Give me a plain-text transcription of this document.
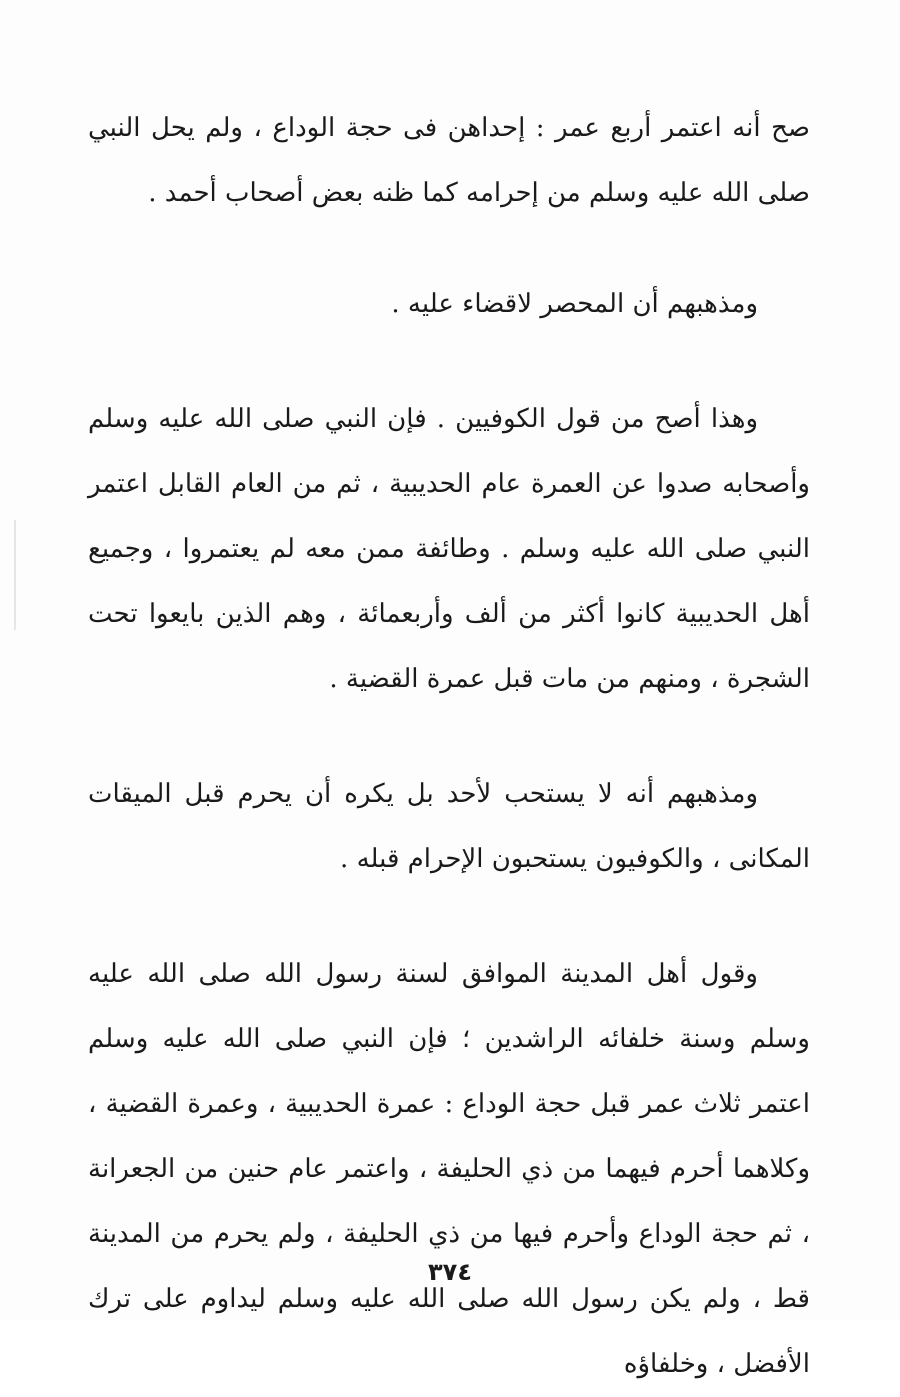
صح أنه اعتمر أربع عمر : إحداهن فى حجة الوداع ، ولم يحل النبي صلى الله عليه وسلم من إحرامه كما ظنه بعض أصحاب أحمد .

ومذهبهم أن المحصر لاقضاء عليه .

وهذا أصح من قول الكوفيين . فإن النبي صلى الله عليه وسلم وأصحابه صدوا عن العمرة عام الحديبية ، ثم من العام القابل اعتمر النبي صلى الله عليه وسلم . وطائفة ممن معه لم يعتمروا ، وجميع أهل الحديبية كانوا أكثر من ألف وأربعمائة ، وهم الذين بايعوا تحت الشجرة ، ومنهم من مات قبل عمرة القضية .

ومذهبهم أنه لا يستحب لأحد بل يكره أن يحرم قبل الميقات المكانى ، والكوفيون يستحبون الإحرام قبله .

وقول أهل المدينة الموافق لسنة رسول الله صلى الله عليه وسلم وسنة خلفائه الراشدين ؛ فإن النبي صلى الله عليه وسلم اعتمر ثلاث عمر قبل حجة الوداع : عمرة الحديبية ، وعمرة القضية ، وكلاهما أحرم فيهما من ذي الحليفة ، واعتمر عام حنين من الجعرانة ، ثم حجة الوداع وأحرم فيها من ذي الحليفة ، ولم يحرم من المدينة قط ، ولم يكن رسول الله صلى الله عليه وسلم ليداوم على ترك الأفضل ، وخلفاؤه

٣٧٤
